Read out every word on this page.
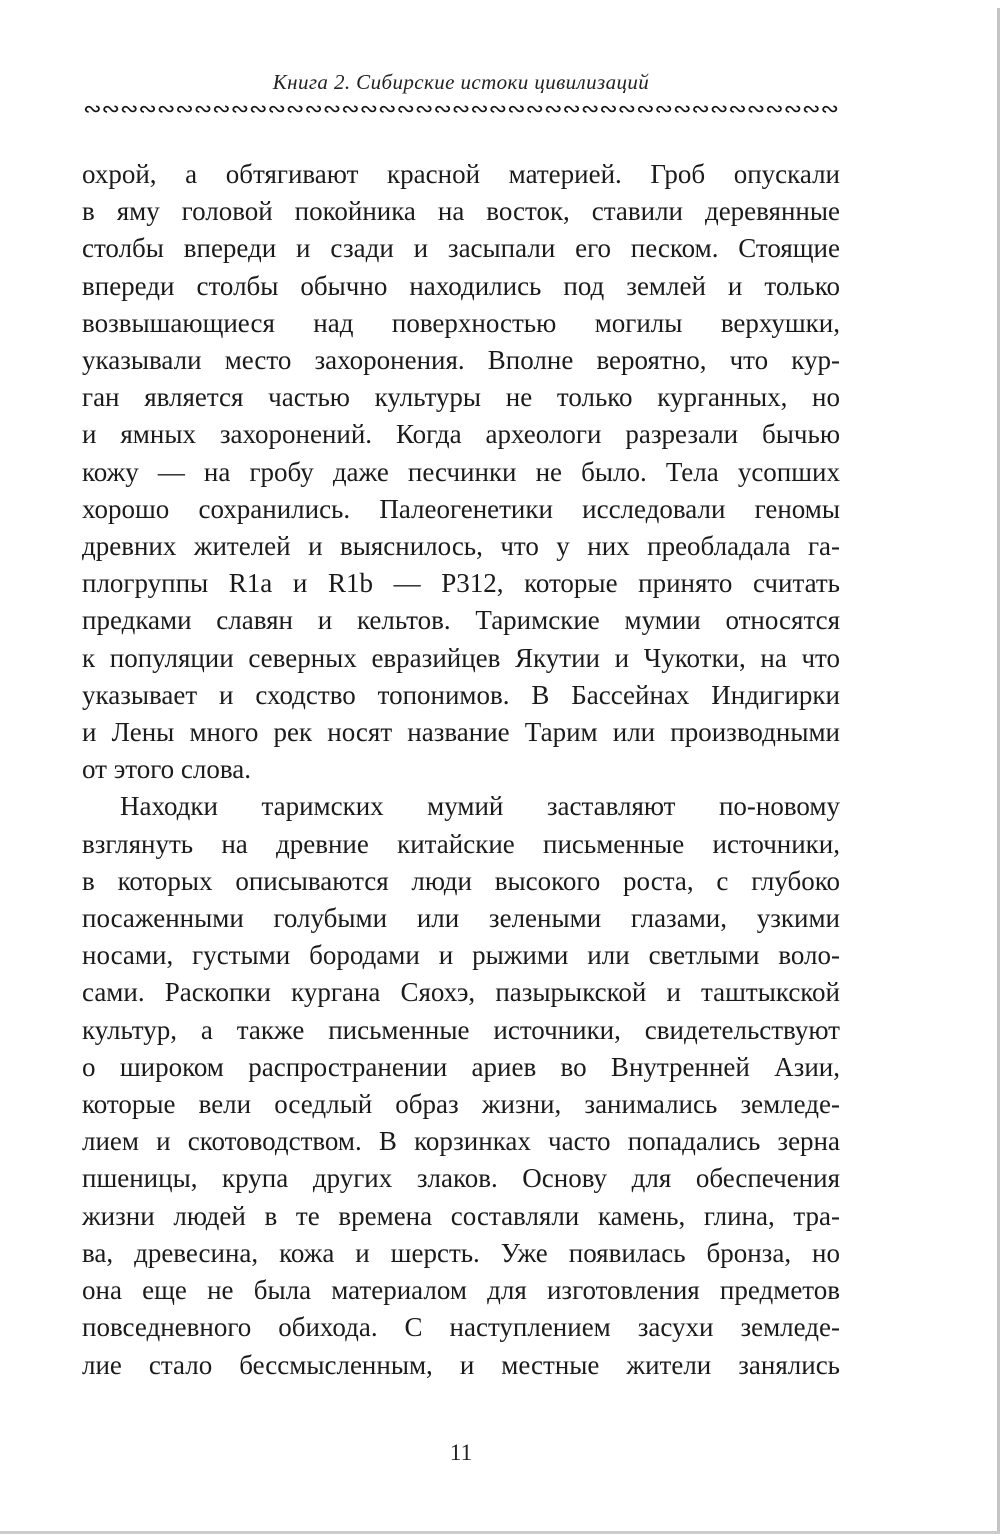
Книга 2. Сибирские истоки цивилизаций
∾∾∾∾∾∾∾∾∾∾∾∾∾∾∾∾∾∾∾∾∾∾∾∾∾∾∾∾∾∾∾∾∾∾∾∾∾∾∾∾∾
охрой, а обтягивают красной материей. Гроб опускали
в яму головой покойника на восток, ставили деревянные
столбы впереди и сзади и засыпали его песком. Стоящие
впереди столбы обычно находились под землей и только
возвышающиеся над поверхностью могилы верхушки,
указывали место захоронения. Вполне вероятно, что кур-
ган является частью культуры не только курганных, но
и ямных захоронений. Когда археологи разрезали бычью
кожу — на гробу даже песчинки не было. Тела усопших
хорошо сохранились. Палеогенетики исследовали геномы
древних жителей и выяснилось, что у них преобладала га-
плогруппы R1a и R1b — Р312, которые принято считать
предками славян и кельтов. Таримские мумии относятся
к популяции северных евразийцев Якутии и Чукотки, на что
указывает и сходство топонимов. В Бассейнах Индигирки
и Лены много рек носят название Тарим или производными
от этого слова.
Находки таримских мумий заставляют по-новому
взглянуть на древние китайские письменные источники,
в которых описываются люди высокого роста, с глубоко
посаженными голубыми или зелеными глазами, узкими
носами, густыми бородами и рыжими или светлыми воло-
сами. Раскопки кургана Сяохэ, пазырыкской и таштыкской
культур, а также письменные источники, свидетельствуют
о широком распространении ариев во Внутренней Азии,
которые вели оседлый образ жизни, занимались земледе-
лием и скотоводством. В корзинках часто попадались зерна
пшеницы, крупа других злаков. Основу для обеспечения
жизни людей в те времена составляли камень, глина, тра-
ва, древесина, кожа и шерсть. Уже появилась бронза, но
она еще не была материалом для изготовления предметов
повседневного обихода. С наступлением засухи земледе-
лие стало бессмысленным, и местные жители занялись
11
